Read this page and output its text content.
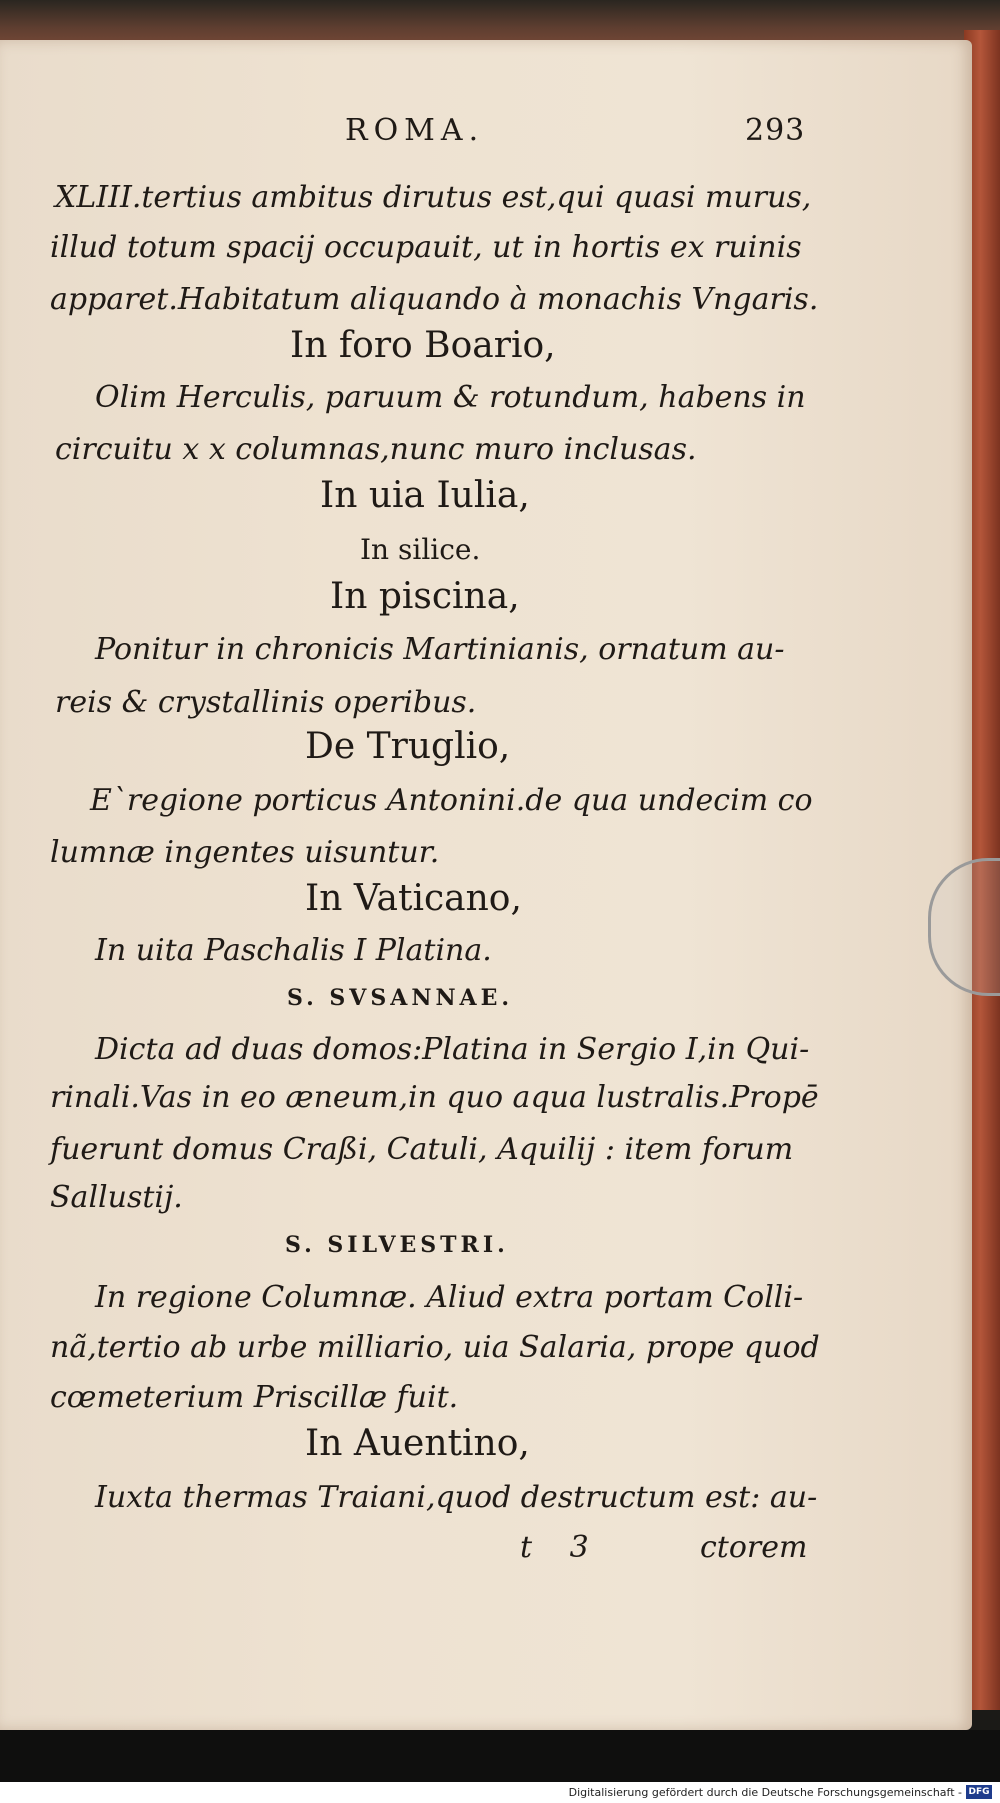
ROMA.	293
XLIII.tertius ambitus dirutus est,qui quasi murus,
illud totum spacij occupauit, ut in hortis ex ruinis
apparet.Habitatum aliquando à monachis Vngaris.
In foro Boario,
Olim Herculis, paruum & rotundum, habens in
circuitu x x columnas,nunc muro inclusas.
In uia Iulia,
In silice.
In piscina,
Ponitur in chronicis Martinianis, ornatum au-
reis & crystallinis operibus.
De Truglio,
E`regione porticus Antonini.de qua undecim co
lumnæ ingentes uisuntur.
In Vaticano,
In uita Paschalis I Platina.
S. SVSANNAE.
Dicta ad duas domos:Platina in Sergio I,in Qui-
rinali.Vas in eo æneum,in quo aqua lustralis.Propē
fuerunt domus Craßi, Catuli, Aquilij : item forum
Sallustij.
S. SILVESTRI.
In regione Columnæ. Aliud extra portam Colli-
nã,tertio ab urbe milliario, uia Salaria, prope quod
cœmeterium Priscillæ fuit.
In Auentino,
Iuxta thermas Traiani,quod destructum est: au-
t 3	ctorem
Digitalisierung gefördert durch die Deutsche Forschungsgemeinschaft - DFG
